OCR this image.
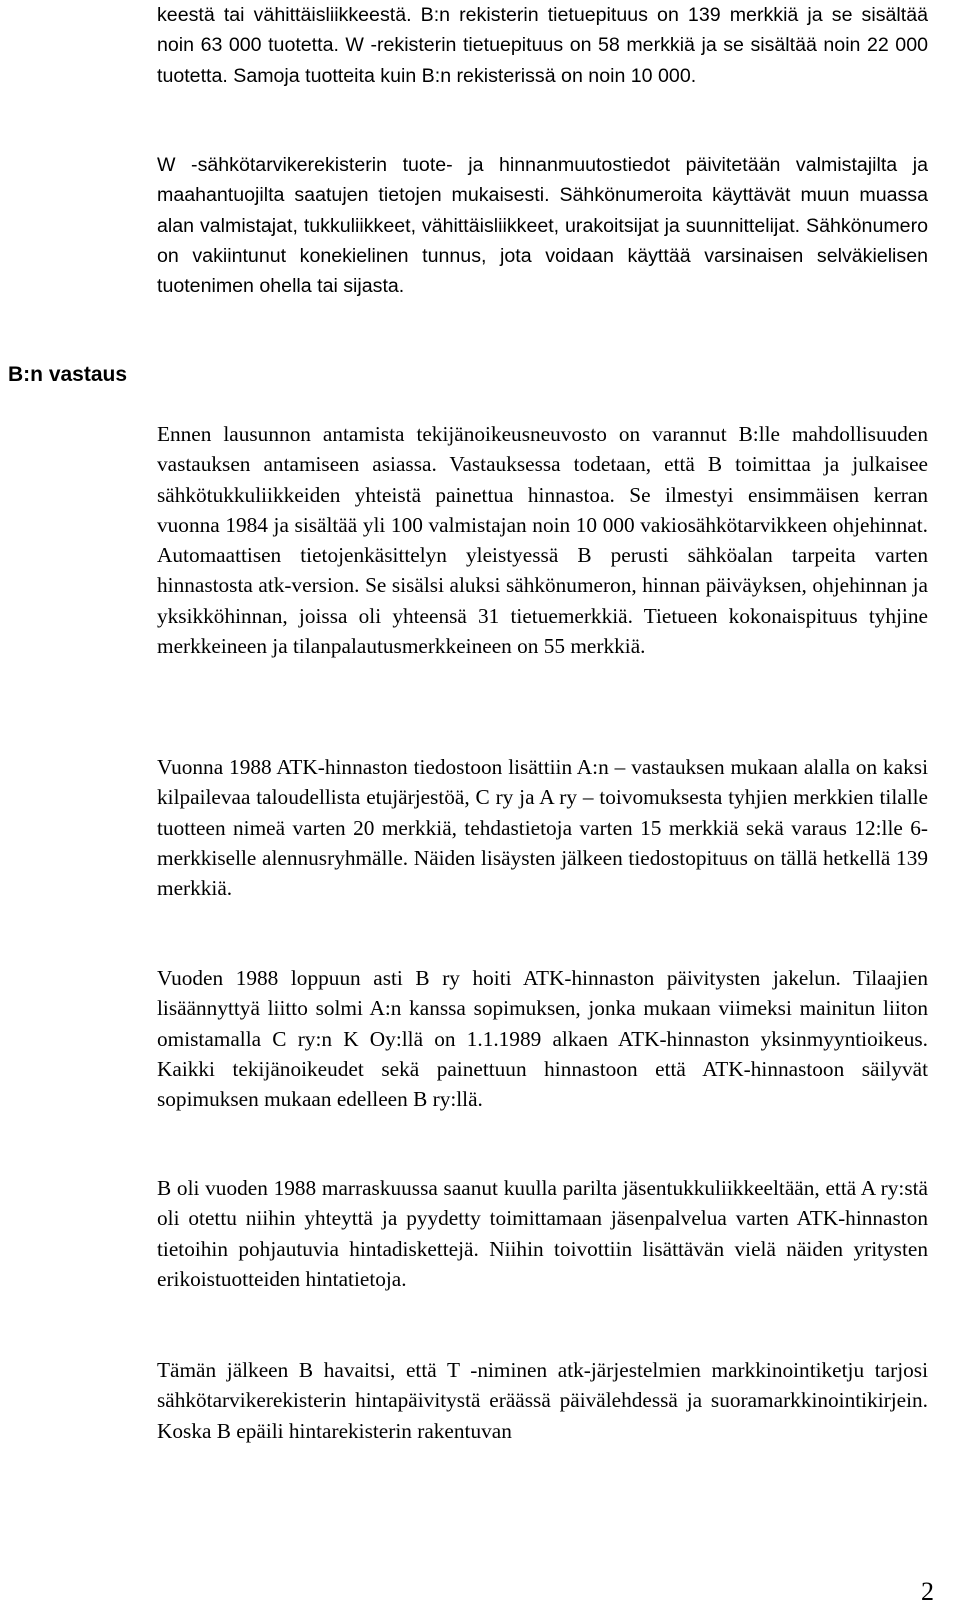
keestä tai vähittäisliikkeestä. B:n rekisterin tietuepituus on 139 merkkiä ja se sisältää noin 63 000 tuotetta. W -rekisterin tietuepituus on 58 merkkiä ja se sisältää noin 22 000 tuotetta. Samoja tuotteita kuin B:n rekisterissä on noin 10 000.

W -sähkötarvikerekisterin tuote- ja hinnanmuutostiedot päivitetään valmistajilta ja maahantuojilta saatujen tietojen mukaisesti. Sähkönumeroita käyttävät muun muassa alan valmistajat, tukkuliikkeet, vähittäisliikkeet, urakoitsijat ja suunnittelijat. Sähkönumero on vakiintunut konekielinen tunnus, jota voidaan käyttää varsinaisen selväkielisen tuotenimen ohella tai sijasta.

B:n vastaus

Ennen lausunnon antamista tekijänoikeusneuvosto on varannut B:lle mahdollisuuden vastauksen antamiseen asiassa. Vastauksessa todetaan, että B toimittaa ja julkaisee sähkötukkuliikkeiden yhteistä painettua hinnastoa. Se ilmestyi ensimmäisen kerran vuonna 1984 ja sisältää yli 100 valmistajan noin 10 000 vakiosähkötarvikkeen ohjehinnat. Automaattisen tietojenkäsittelyn yleistyessä B perusti sähköalan tarpeita varten hinnastosta atk-version. Se sisälsi aluksi sähkönumeron, hinnan päiväyksen, ohjehinnan ja yksikköhinnan, joissa oli yhteensä 31 tietuemerkkiä. Tietueen kokonaispituus tyhjine merkkeineen ja tilanpalautusmerkkeineen on 55 merkkiä.

Vuonna 1988 ATK-hinnaston tiedostoon lisättiin A:n – vastauksen mukaan alalla on kaksi kilpailevaa taloudellista etujärjestöä, C ry ja A ry – toivomuksesta tyhjien merkkien tilalle tuotteen nimeä varten 20 merkkiä, tehdastietoja varten 15 merkkiä sekä varaus 12:lle 6-merkkiselle alennusryhmälle. Näiden lisäysten jälkeen tiedostopituus on tällä hetkellä 139 merkkiä.

Vuoden 1988 loppuun asti B ry hoiti ATK-hinnaston päivitysten jakelun. Tilaajien lisäännyttyä liitto solmi A:n kanssa sopimuksen, jonka mukaan viimeksi mainitun liiton omistamalla C ry:n K Oy:llä on 1.1.1989 alkaen ATK-hinnaston yksinmyyntioikeus. Kaikki tekijänoikeudet sekä painettuun hinnastoon että ATK-hinnastoon säilyvät sopimuksen mukaan edelleen B ry:llä.

B oli vuoden 1988 marraskuussa saanut kuulla parilta jäsentukkuliikkeeltään, että A ry:stä oli otettu niihin yhteyttä ja pyydetty toimittamaan jäsenpalvelua varten ATK-hinnaston tietoihin pohjautuvia hintadiskettejä. Niihin toivottiin lisättävän vielä näiden yritysten erikoistuotteiden hintatietoja.

Tämän jälkeen B havaitsi, että T -niminen atk-järjestelmien markkinointiketju tarjosi sähkötarvikerekisterin hintapäivitystä eräässä päivälehdessä ja suoramarkkinointikirjein. Koska B epäili hintarekisterin rakentuvan

2
